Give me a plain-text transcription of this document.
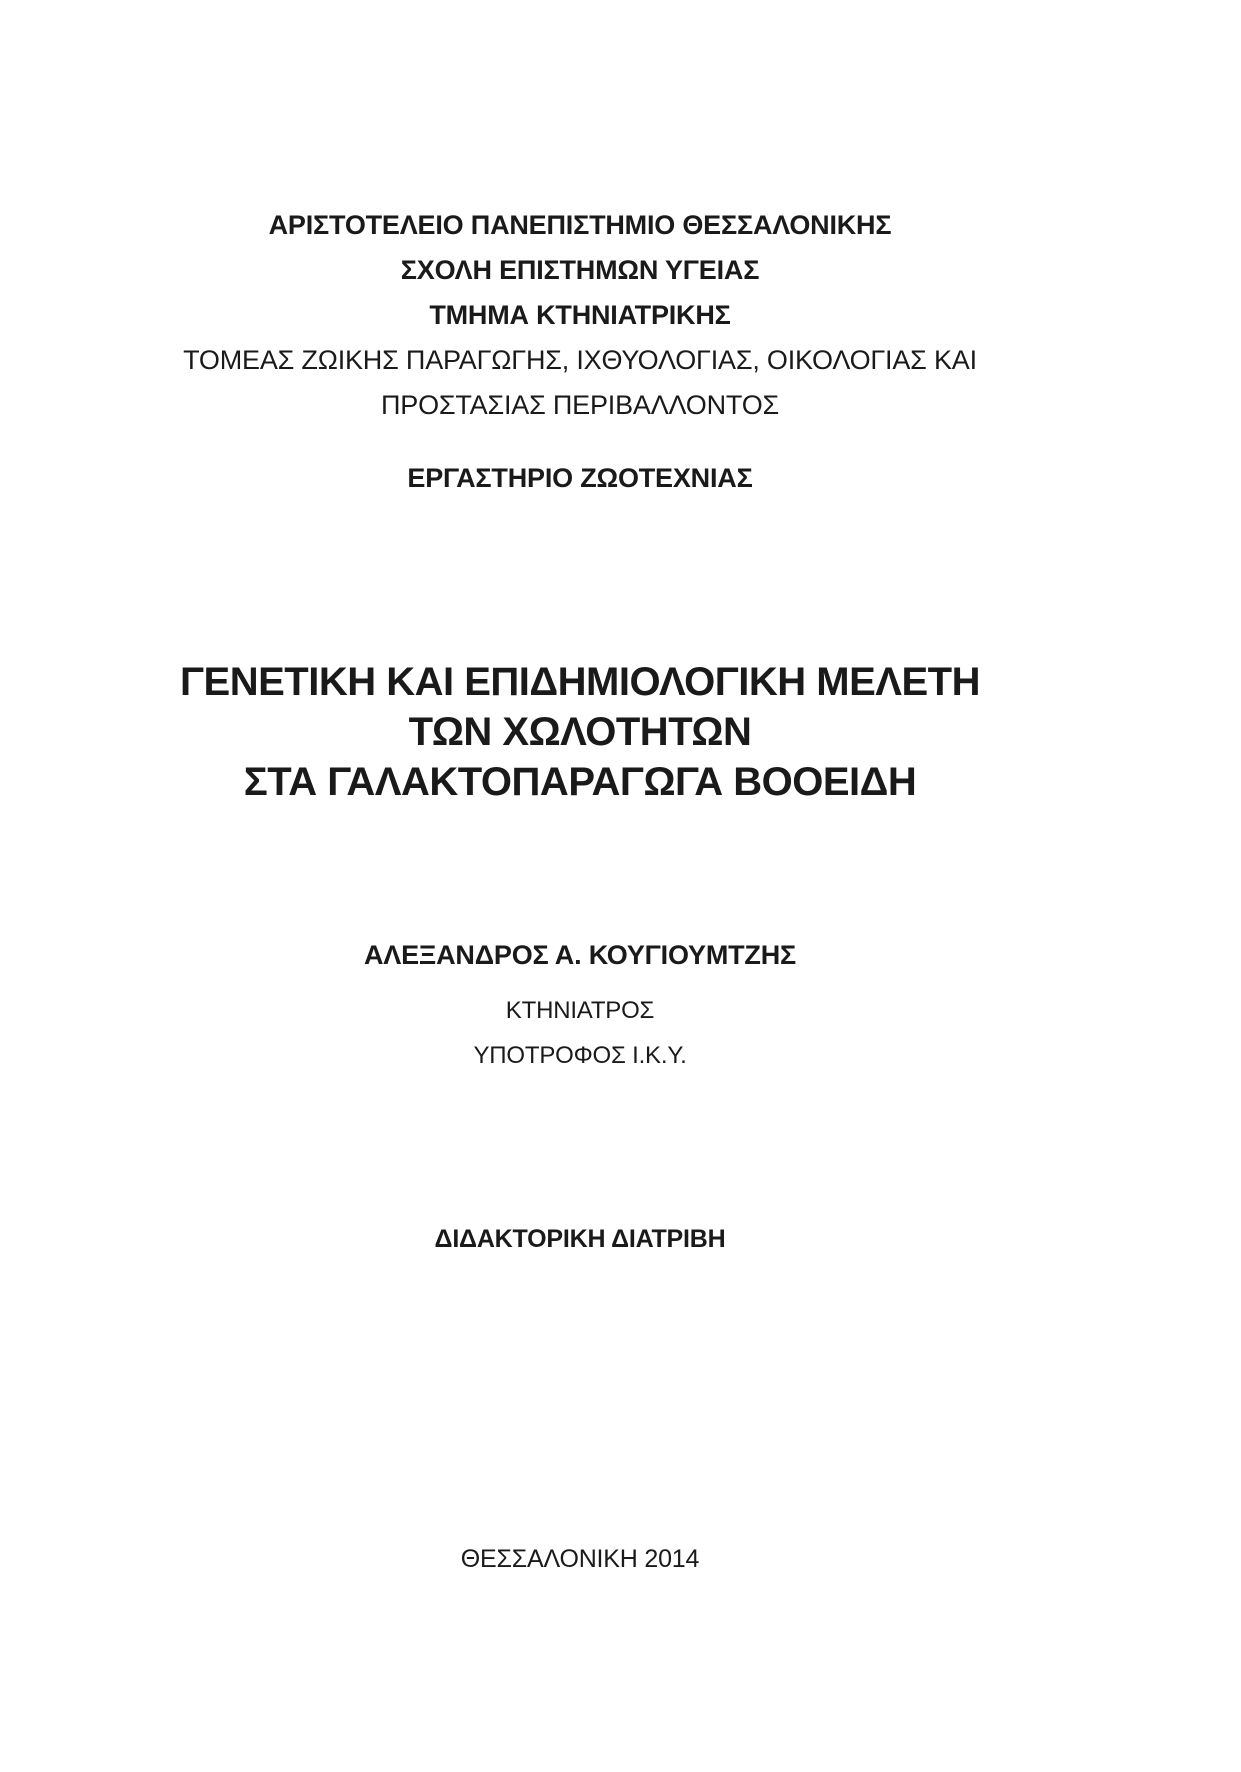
ΑΡΙΣΤΟΤΕΛΕΙΟ ΠΑΝΕΠΙΣΤΗΜΙΟ ΘΕΣΣΑΛΟΝΙΚΗΣ
ΣΧΟΛΗ ΕΠΙΣΤΗΜΩΝ ΥΓΕΙΑΣ
ΤΜΗΜΑ ΚΤΗΝΙΑΤΡΙΚΗΣ
ΤΟΜΕΑΣ ΖΩΙΚΗΣ ΠΑΡΑΓΩΓΗΣ, ΙΧΘΥΟΛΟΓΙΑΣ, ΟΙΚΟΛΟΓΙΑΣ ΚΑΙ
ΠΡΟΣΤΑΣΙΑΣ ΠΕΡΙΒΑΛΛΟΝΤΟΣ
ΕΡΓΑΣΤΗΡΙΟ ΖΩΟΤΕΧΝΙΑΣ
ΓΕΝΕΤΙΚΗ ΚΑΙ ΕΠΙΔΗΜΙΟΛΟΓΙΚΗ ΜΕΛΕΤΗ
ΤΩΝ ΧΩΛΟΤΗΤΩΝ
ΣΤΑ ΓΑΛΑΚΤΟΠΑΡΑΓΩΓΑ ΒΟΟΕΙΔΗ
ΑΛΕΞΑΝΔΡΟΣ Α. ΚΟΥΓΙΟΥΜΤΖΗΣ
ΚΤΗΝΙΑΤΡΟΣ
ΥΠΟΤΡΟΦΟΣ Ι.Κ.Υ.
ΔΙΔΑΚΤΟΡΙΚΗ ΔΙΑΤΡΙΒΗ
ΘΕΣΣΑΛΟΝΙΚΗ 2014
